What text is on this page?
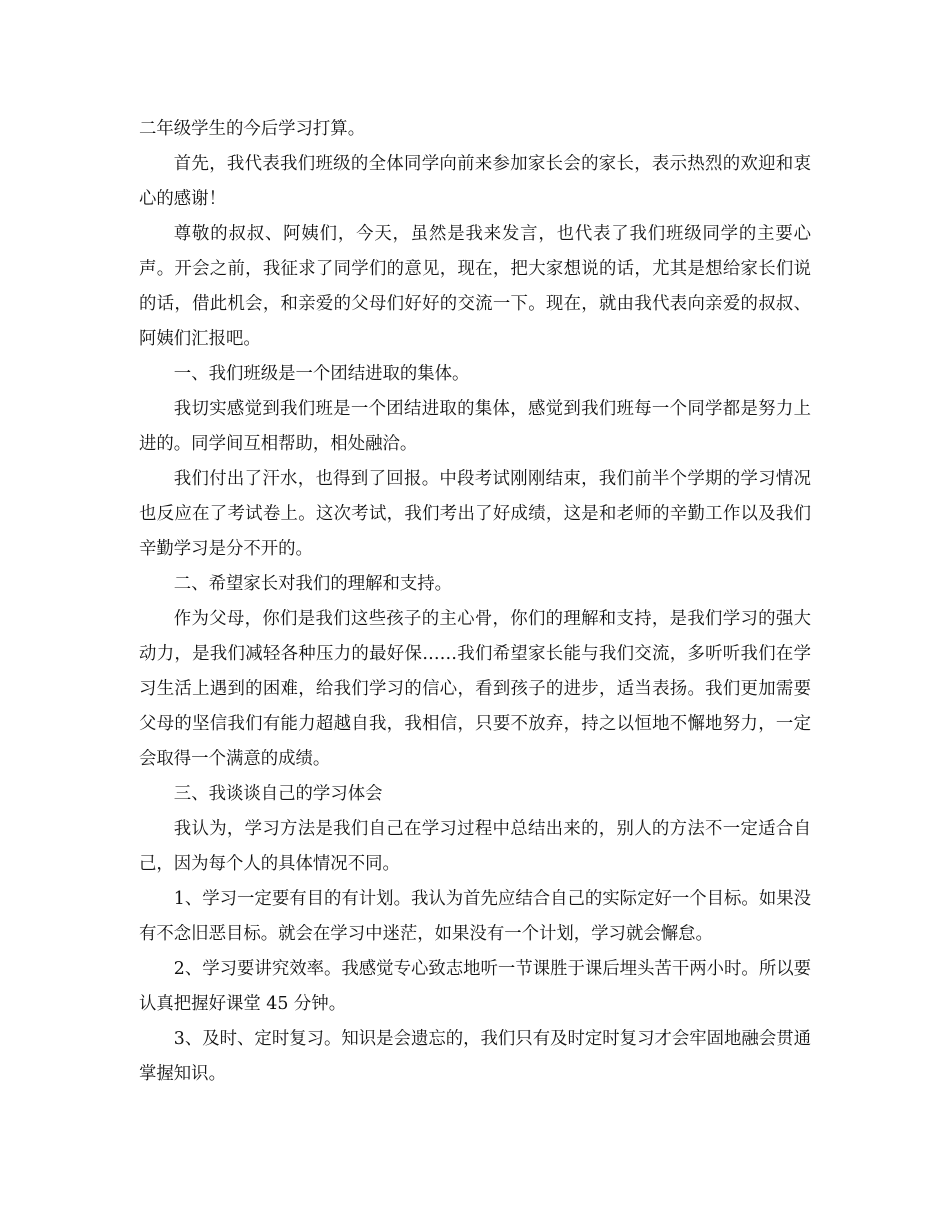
二年级学生的今后学习打算。

首先，我代表我们班级的全体同学向前来参加家长会的家长，表示热烈的欢迎和衷心的感谢！

尊敬的叔叔、阿姨们，今天，虽然是我来发言，也代表了我们班级同学的主要心声。开会之前，我征求了同学们的意见，现在，把大家想说的话，尤其是想给家长们说的话，借此机会，和亲爱的父母们好好的交流一下。现在，就由我代表向亲爱的叔叔、阿姨们汇报吧。

一、我们班级是一个团结进取的集体。

我切实感觉到我们班是一个团结进取的集体，感觉到我们班每一个同学都是努力上进的。同学间互相帮助，相处融洽。

我们付出了汗水，也得到了回报。中段考试刚刚结束，我们前半个学期的学习情况也反应在了考试卷上。这次考试，我们考出了好成绩，这是和老师的辛勤工作以及我们辛勤学习是分不开的。

二、希望家长对我们的理解和支持。

作为父母，你们是我们这些孩子的主心骨，你们的理解和支持，是我们学习的强大动力，是我们减轻各种压力的最好保……我们希望家长能与我们交流，多听听我们在学习生活上遇到的困难，给我们学习的信心，看到孩子的进步，适当表扬。我们更加需要父母的坚信我们有能力超越自我，我相信，只要不放弃，持之以恒地不懈地努力，一定会取得一个满意的成绩。

三、我谈谈自己的学习体会

我认为，学习方法是我们自己在学习过程中总结出来的，别人的方法不一定适合自己，因为每个人的具体情况不同。

1、学习一定要有目的有计划。我认为首先应结合自己的实际定好一个目标。如果没有不念旧恶目标。就会在学习中迷茫，如果没有一个计划，学习就会懈怠。

2、学习要讲究效率。我感觉专心致志地听一节课胜于课后埋头苦干两小时。所以要认真把握好课堂 45 分钟。

3、及时、定时复习。知识是会遗忘的，我们只有及时定时复习才会牢固地融会贯通掌握知识。
